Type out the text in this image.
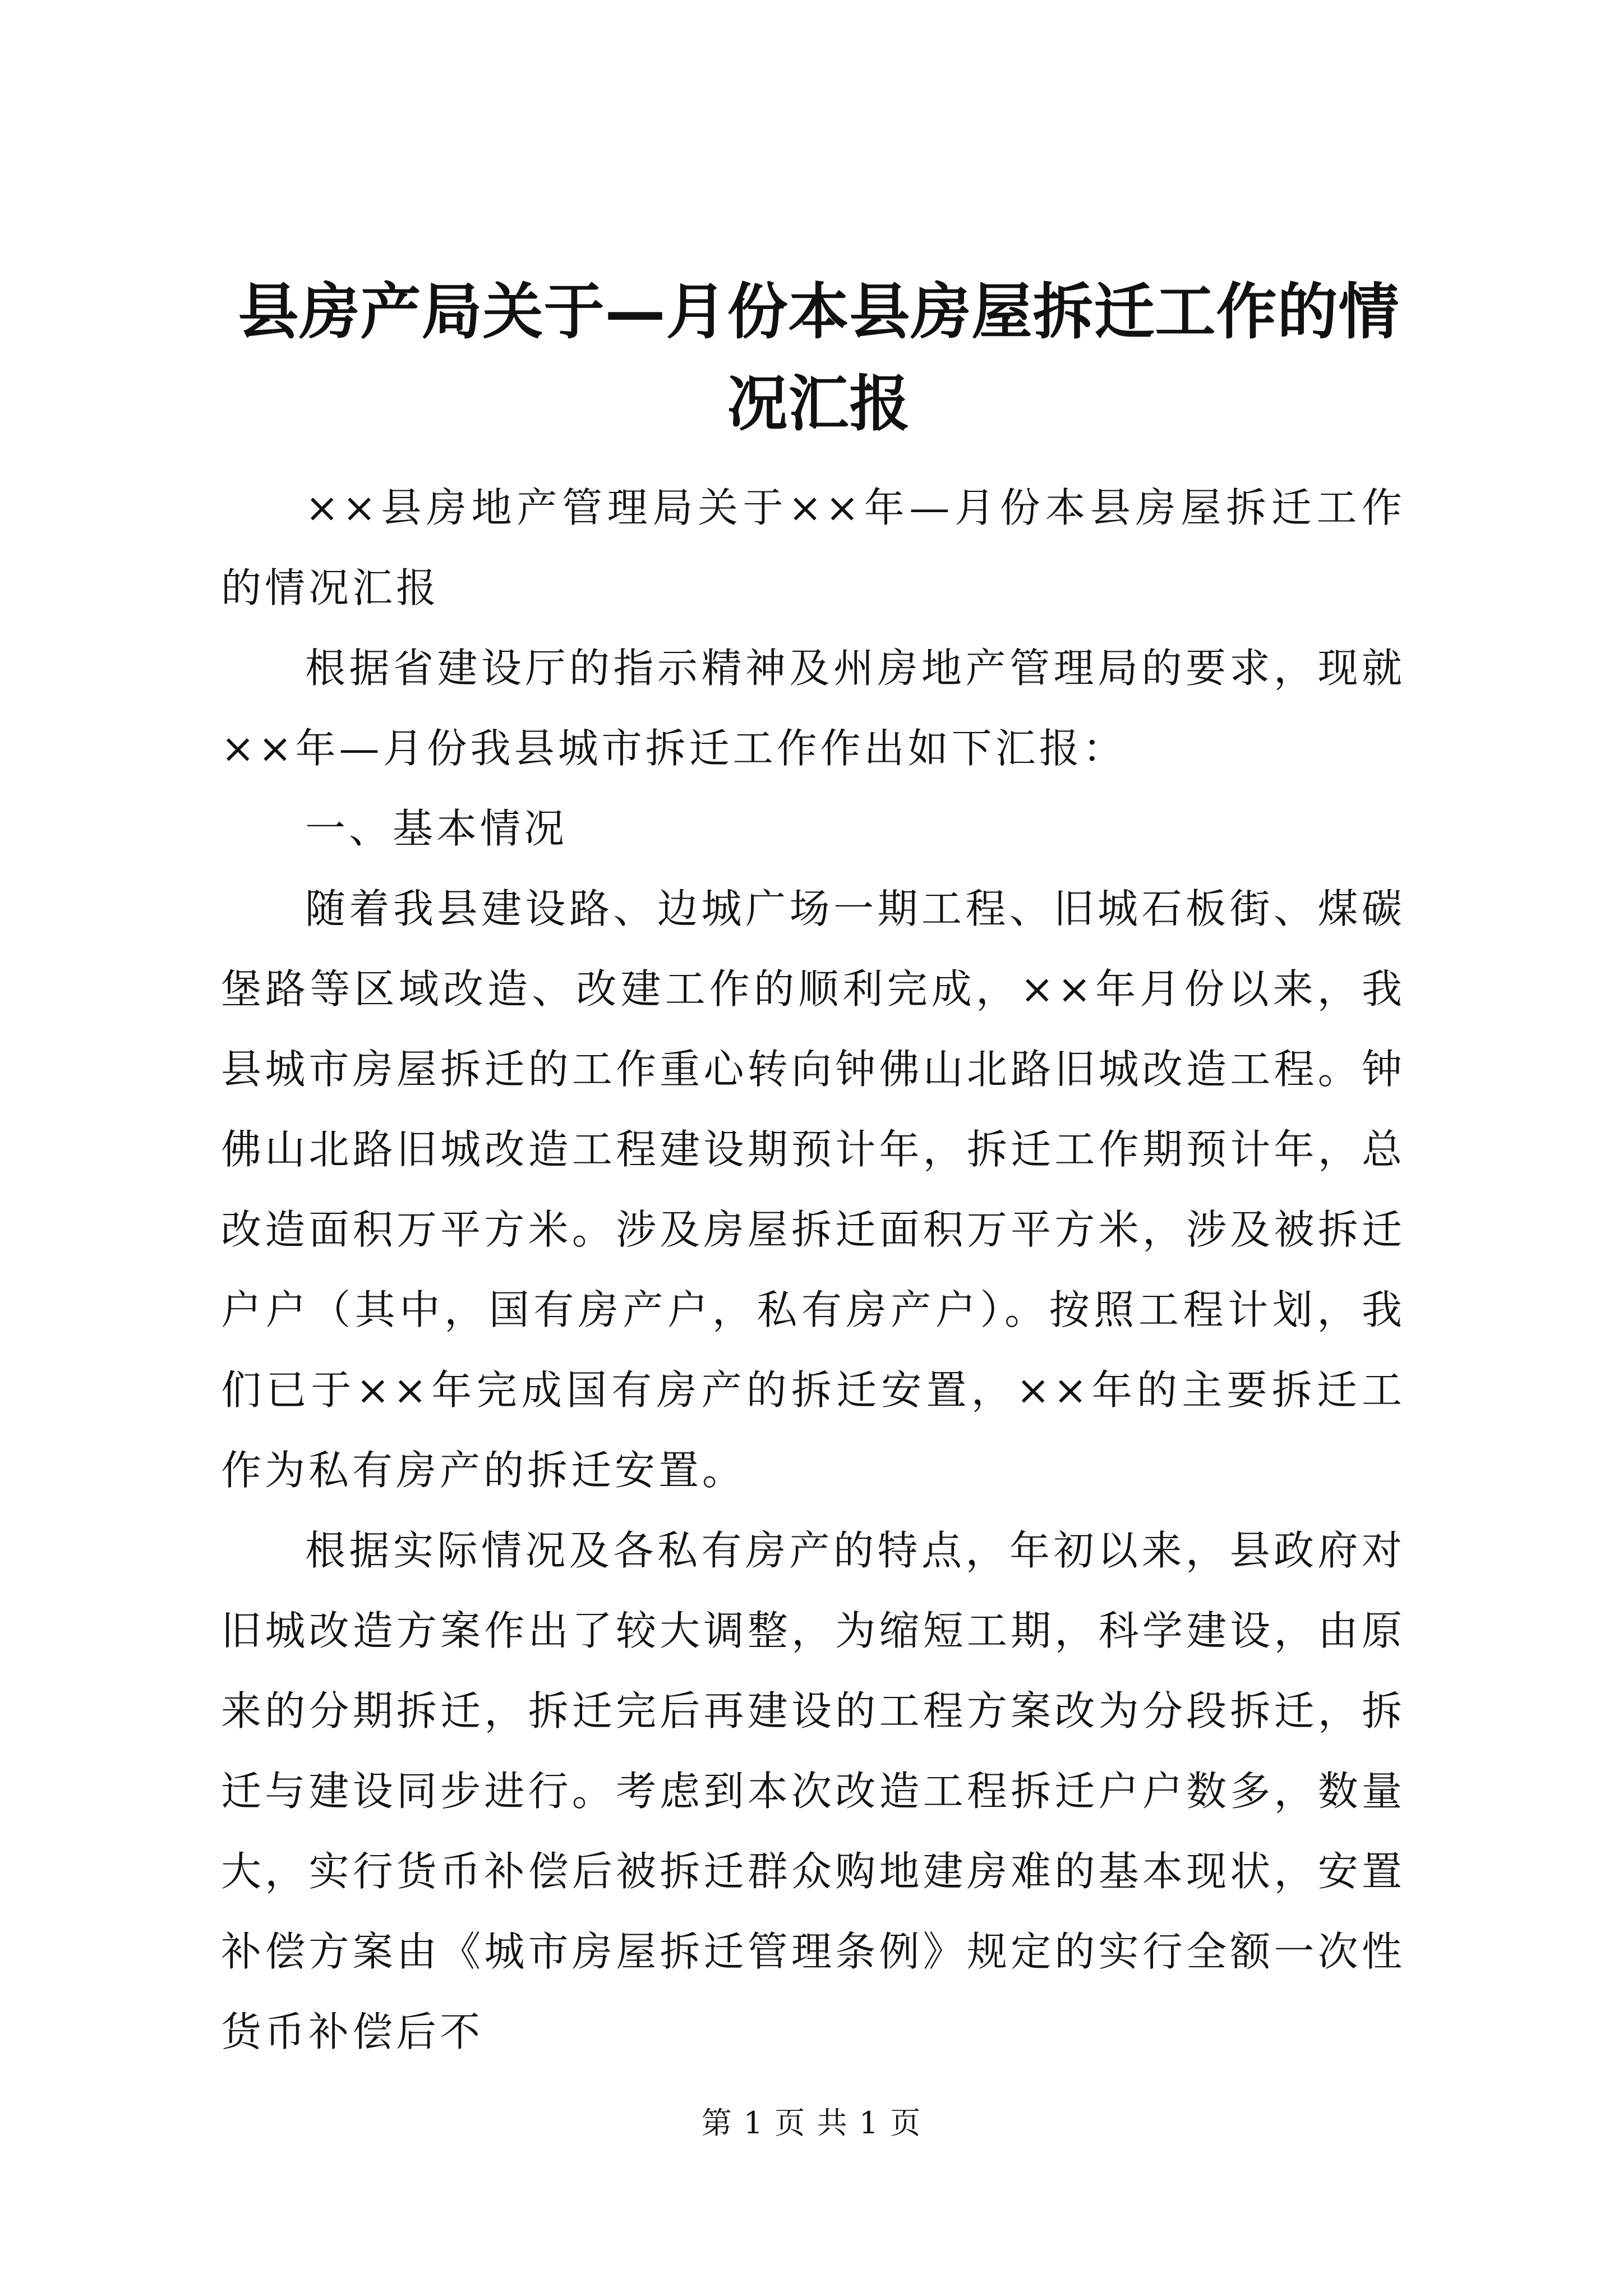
县房产局关于—月份本县房屋拆迁工作的情况汇报

××县房地产管理局关于××年—月份本县房屋拆迁工作的情况汇报

根据省建设厅的指示精神及州房地产管理局的要求，现就××年—月份我县城市拆迁工作作出如下汇报：

一、基本情况

随着我县建设路、边城广场一期工程、旧城石板街、煤碳堡路等区域改造、改建工作的顺利完成，××年月份以来，我县城市房屋拆迁的工作重心转向钟佛山北路旧城改造工程。钟佛山北路旧城改造工程建设期预计年，拆迁工作期预计年，总改造面积万平方米。涉及房屋拆迁面积万平方米，涉及被拆迁户户（其中，国有房产户，私有房产户）。按照工程计划，我们已于××年完成国有房产的拆迁安置，××年的主要拆迁工作为私有房产的拆迁安置。

根据实际情况及各私有房产的特点，年初以来，县政府对旧城改造方案作出了较大调整，为缩短工期，科学建设，由原来的分期拆迁，拆迁完后再建设的工程方案改为分段拆迁，拆迁与建设同步进行。考虑到本次改造工程拆迁户户数多，数量大，实行货币补偿后被拆迁群众购地建房难的基本现状，安置补偿方案由《城市房屋拆迁管理条例》规定的实行全额一次性货币补偿后不

第 1 页 共 1 页
